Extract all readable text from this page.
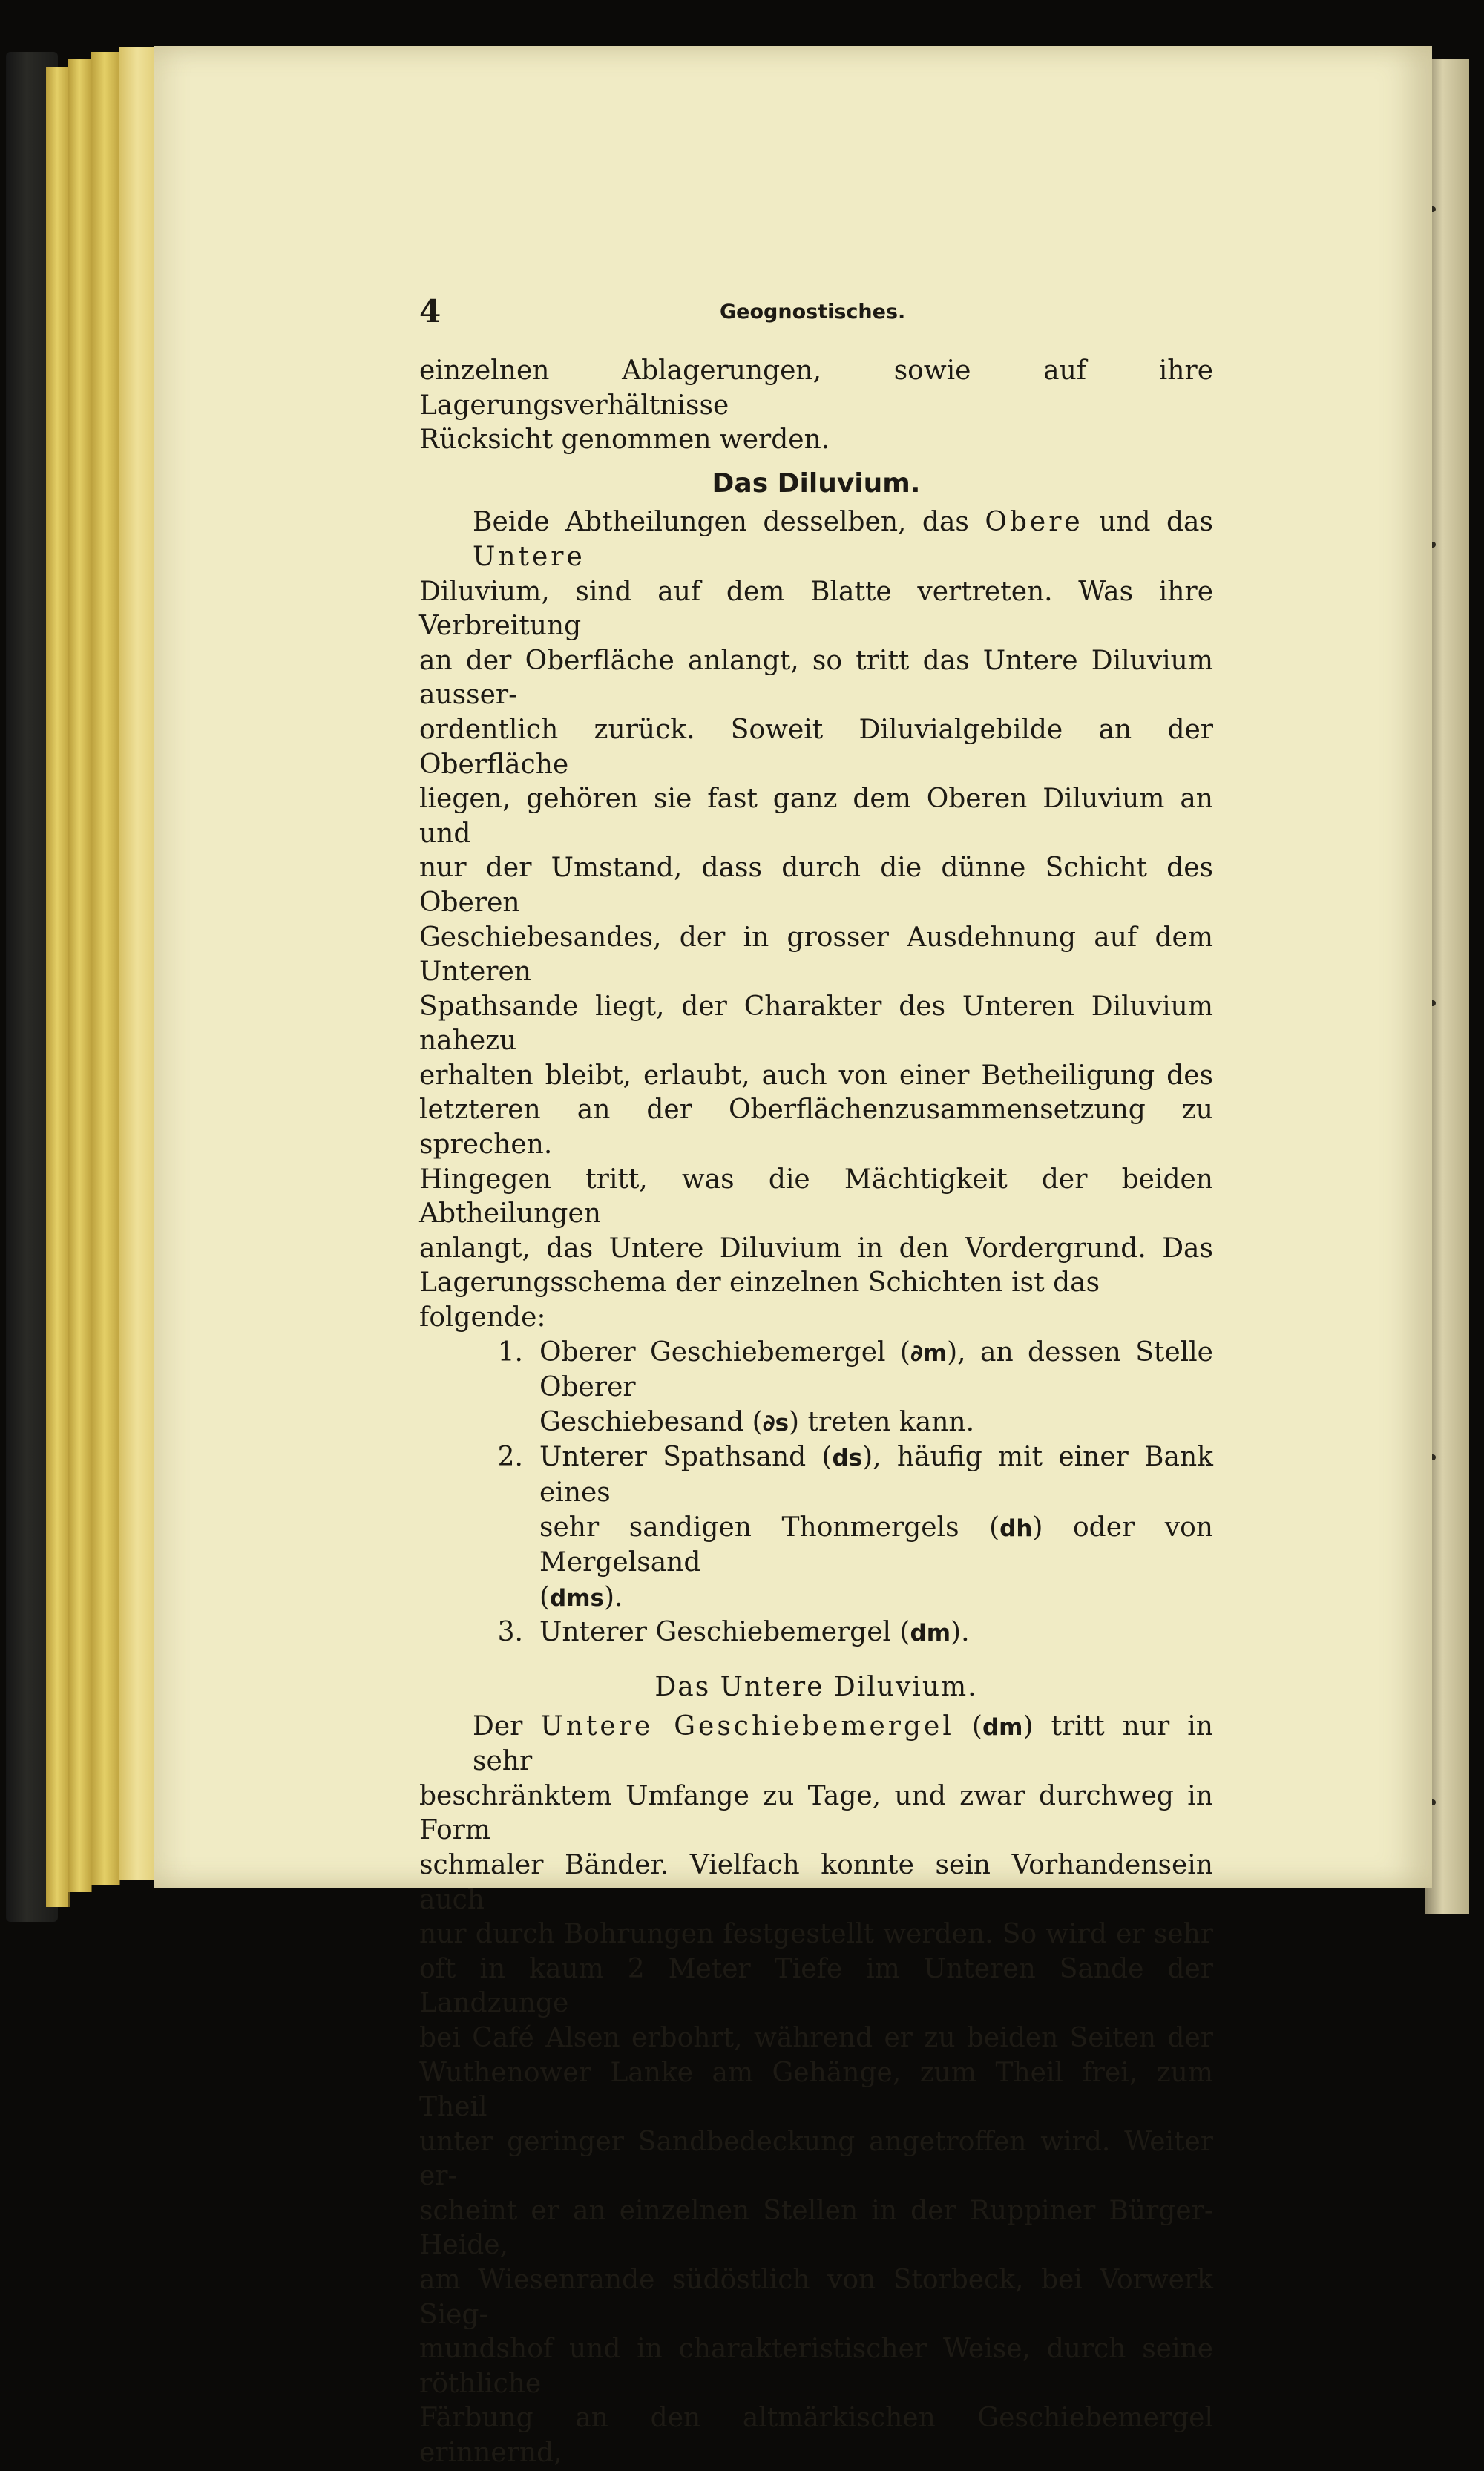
4	Geognostisches.

einzelnen Ablagerungen, sowie auf ihre Lagerungsverhältnisse

Rücksicht genommen werden.

Das Diluvium.

Beide Abtheilungen desselben, das Obere und das Untere

Diluvium, sind auf dem Blatte vertreten. Was ihre Verbreitung

an der Oberfläche anlangt, so tritt das Untere Diluvium ausser-

ordentlich zurück. Soweit Diluvialgebilde an der Oberfläche

liegen, gehören sie fast ganz dem Oberen Diluvium an und

nur der Umstand, dass durch die dünne Schicht des Oberen

Geschiebesandes, der in grosser Ausdehnung auf dem Unteren

Spathsande liegt, der Charakter des Unteren Diluvium nahezu

erhalten bleibt, erlaubt, auch von einer Betheiligung des

letzteren an der Oberflächenzusammensetzung zu sprechen.

Hingegen tritt, was die Mächtigkeit der beiden Abtheilungen

anlangt, das Untere Diluvium in den Vordergrund. Das

Lagerungsschema der einzelnen Schichten ist das folgende:

1. Oberer Geschiebemergel (∂m), an dessen Stelle Oberer

Geschiebesand (∂s) treten kann.

2. Unterer Spathsand (ds), häufig mit einer Bank eines

sehr sandigen Thonmergels (dh) oder von Mergelsand

(dms).

3. Unterer Geschiebemergel (dm).

Das Untere Diluvium.

Der Untere Geschiebemergel (dm) tritt nur in sehr

beschränktem Umfange zu Tage, und zwar durchweg in Form

schmaler Bänder. Vielfach konnte sein Vorhandensein auch

nur durch Bohrungen festgestellt werden. So wird er sehr

oft in kaum 2 Meter Tiefe im Unteren Sande der Landzunge

bei Café Alsen erbohrt, während er zu beiden Seiten der

Wuthenower Lanke am Gehänge, zum Theil frei, zum Theil

unter geringer Sandbedeckung angetroffen wird. Weiter er-

scheint er an einzelnen Stellen in der Ruppiner Bürger-Heide,

am Wiesenrande südöstlich von Storbeck, bei Vorwerk Sieg-

mundshof und in charakteristischer Weise, durch seine röthliche

Färbung an den altmärkischen Geschiebemergel erinnernd,
